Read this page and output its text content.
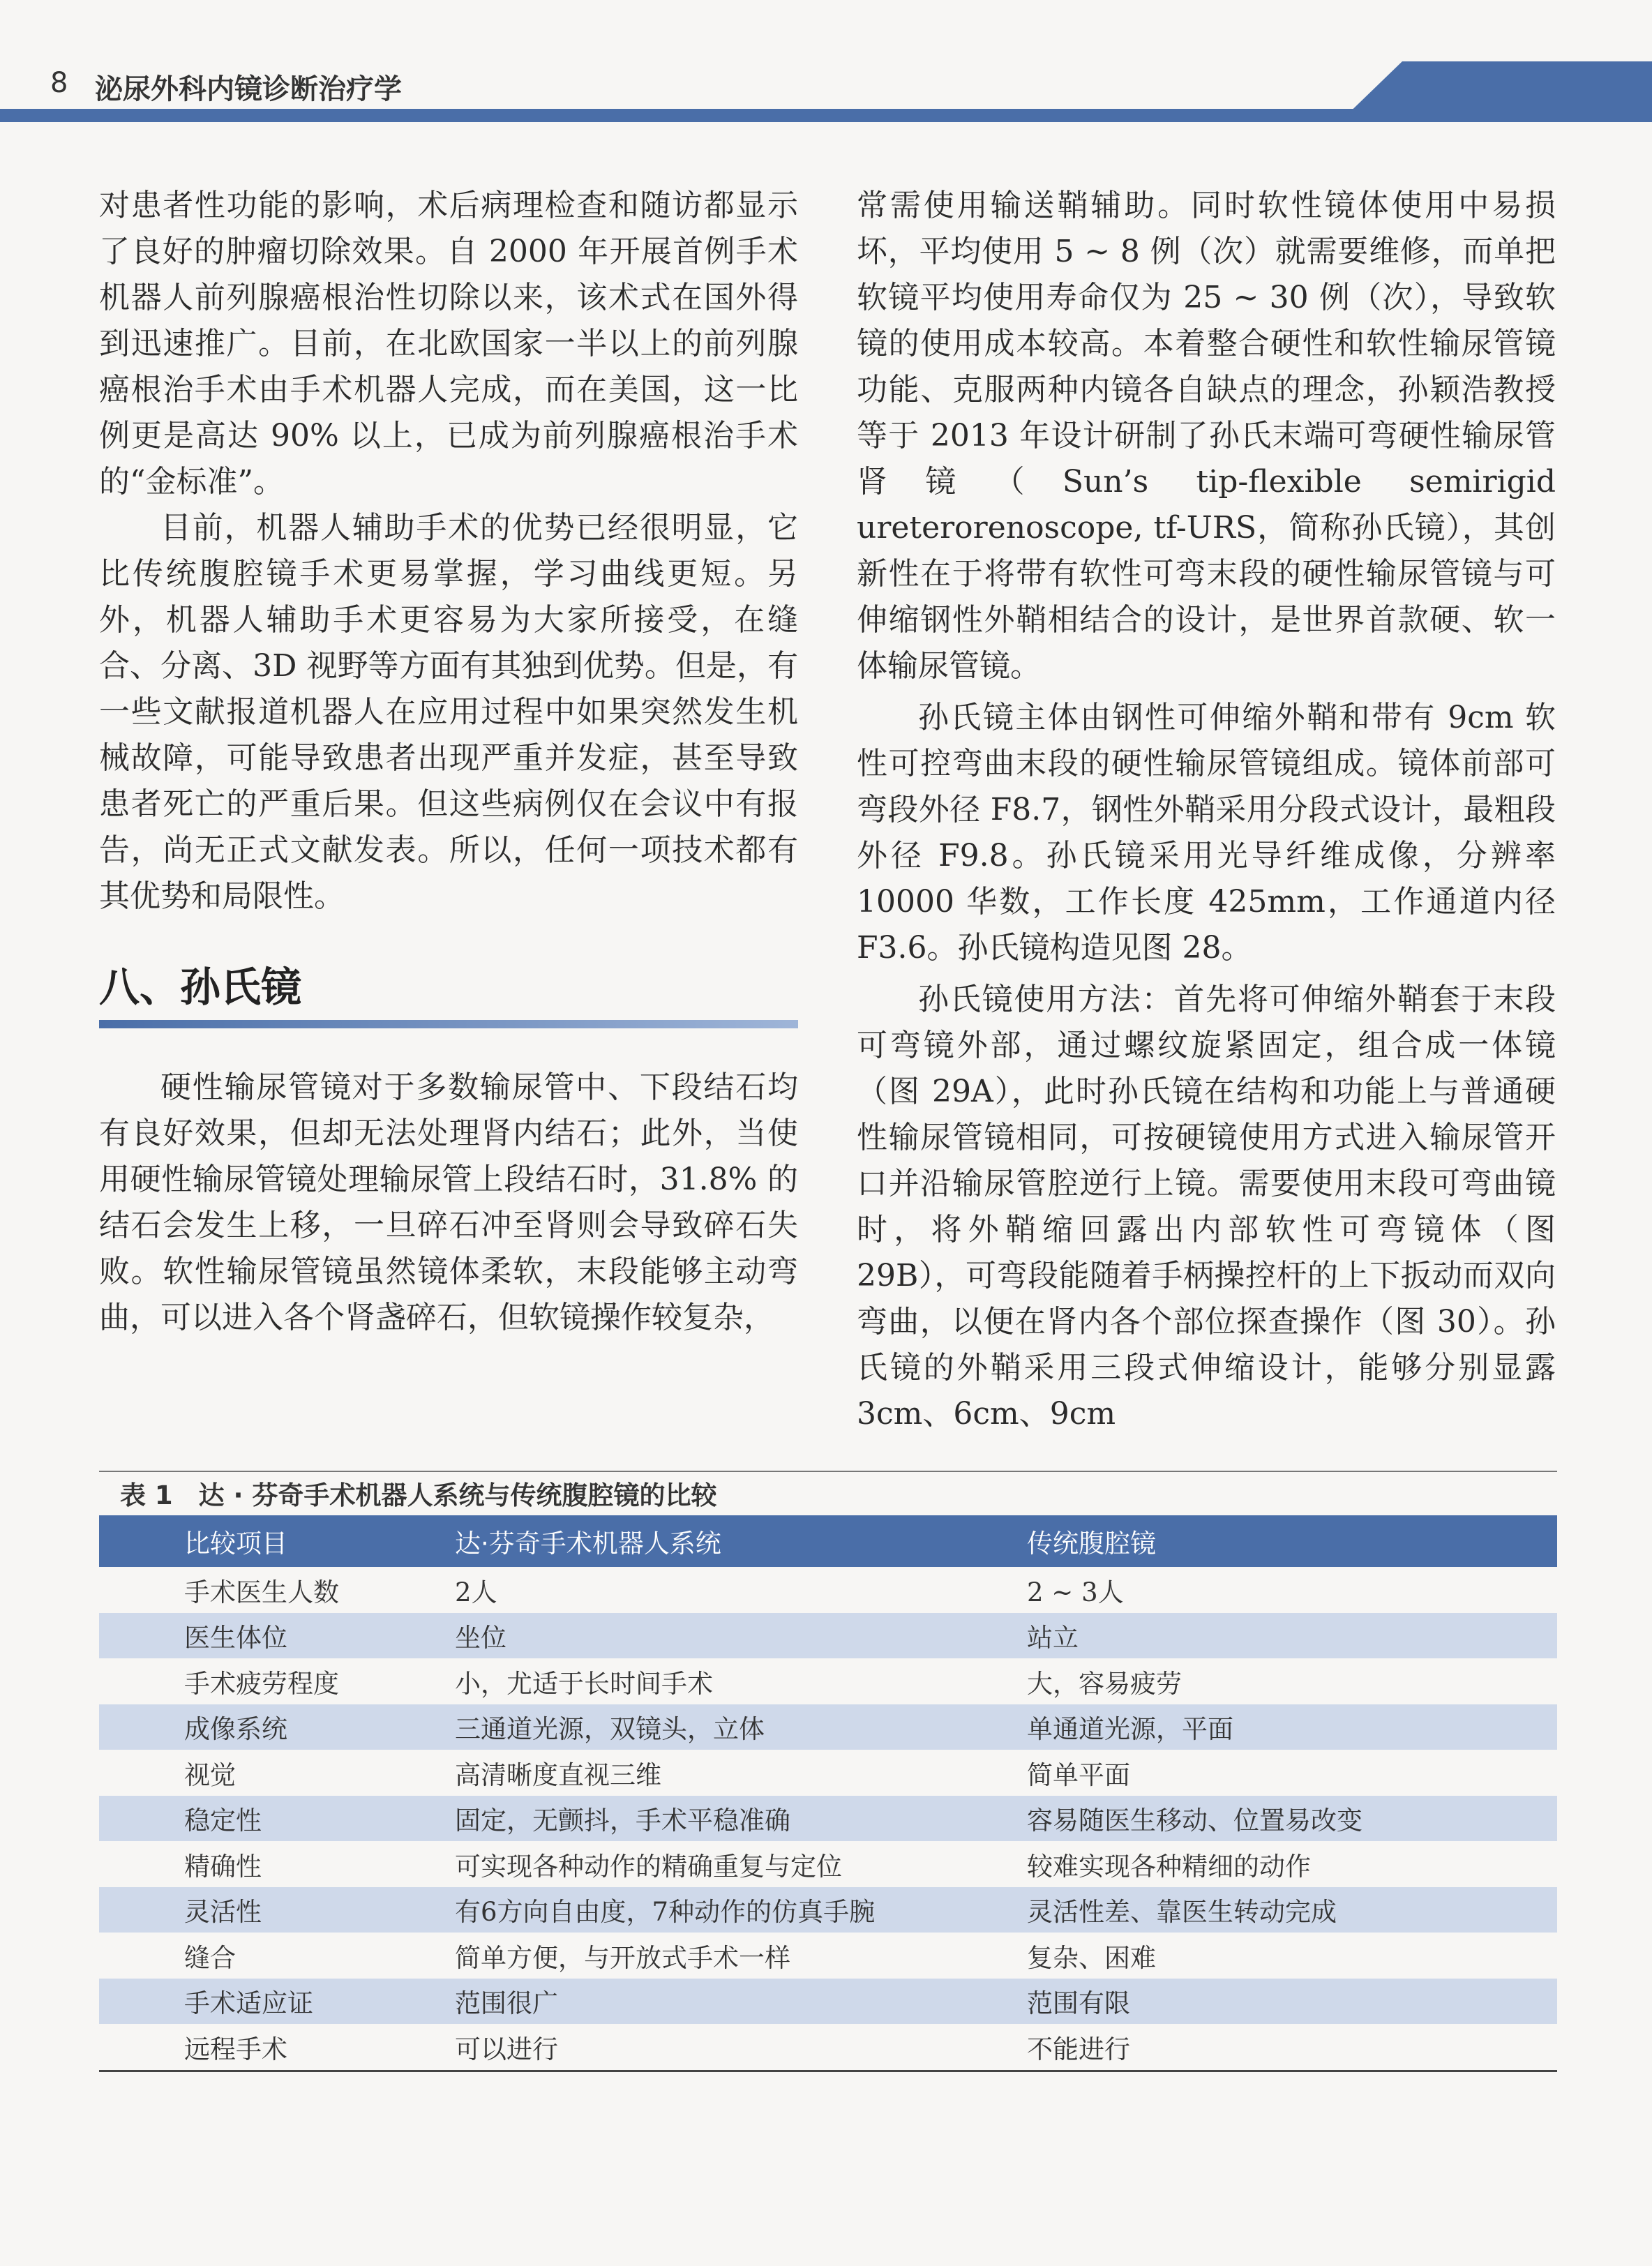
8 泌尿外科内镜诊断治疗学

对患者性功能的影响，术后病理检查和随访都显示了良好的肿瘤切除效果。自 2000 年开展首例手术机器人前列腺癌根治性切除以来，该术式在国外得到迅速推广。目前，在北欧国家一半以上的前列腺癌根治手术由手术机器人完成，而在美国，这一比例更是高达 90% 以上，已成为前列腺癌根治手术的“金标准”。

目前，机器人辅助手术的优势已经很明显，它比传统腹腔镜手术更易掌握，学习曲线更短。另外，机器人辅助手术更容易为大家所接受，在缝合、分离、3D 视野等方面有其独到优势。但是，有一些文献报道机器人在应用过程中如果突然发生机械故障，可能导致患者出现严重并发症，甚至导致患者死亡的严重后果。但这些病例仅在会议中有报告，尚无正式文献发表。所以，任何一项技术都有其优势和局限性。

八、孙氏镜

硬性输尿管镜对于多数输尿管中、下段结石均有良好效果，但却无法处理肾内结石；此外，当使用硬性输尿管镜处理输尿管上段结石时，31.8% 的结石会发生上移，一旦碎石冲至肾则会导致碎石失败。软性输尿管镜虽然镜体柔软，末段能够主动弯曲，可以进入各个肾盏碎石，但软镜操作较复杂，

常需使用输送鞘辅助。同时软性镜体使用中易损坏，平均使用 5 ~ 8 例（次）就需要维修，而单把软镜平均使用寿命仅为 25 ~ 30 例（次），导致软镜的使用成本较高。本着整合硬性和软性输尿管镜功能、克服两种内镜各自缺点的理念，孙颖浩教授等于 2013 年设计研制了孙氏末端可弯硬性输尿管肾镜（Sun’s tip-flexible semirigid ureterorenoscope, tf-URS，简称孙氏镜），其创新性在于将带有软性可弯末段的硬性输尿管镜与可伸缩钢性外鞘相结合的设计，是世界首款硬、软一体输尿管镜。

孙氏镜主体由钢性可伸缩外鞘和带有 9cm 软性可控弯曲末段的硬性输尿管镜组成。镜体前部可弯段外径 F8.7，钢性外鞘采用分段式设计，最粗段外径 F9.8。孙氏镜采用光导纤维成像，分辨率 10000 华数，工作长度 425mm，工作通道内径 F3.6。孙氏镜构造见图 28。

孙氏镜使用方法：首先将可伸缩外鞘套于末段可弯镜外部，通过螺纹旋紧固定，组合成一体镜（图 29A），此时孙氏镜在结构和功能上与普通硬性输尿管镜相同，可按硬镜使用方式进入输尿管开口并沿输尿管腔逆行上镜。需要使用末段可弯曲镜时，将外鞘缩回露出内部软性可弯镜体（图 29B），可弯段能随着手柄操控杆的上下扳动而双向弯曲，以便在肾内各个部位探查操作（图 30）。孙氏镜的外鞘采用三段式伸缩设计，能够分别显露 3cm、6cm、9cm

表 1　达 · 芬奇手术机器人系统与传统腹腔镜的比较
比较项目	达·芬奇手术机器人系统	传统腹腔镜
手术医生人数	2人	2 ~ 3人
医生体位	坐位	站立
手术疲劳程度	小，尤适于长时间手术	大，容易疲劳
成像系统	三通道光源，双镜头，立体	单通道光源，平面
视觉	高清晰度直视三维	简单平面
稳定性	固定，无颤抖，手术平稳准确	容易随医生移动、位置易改变
精确性	可实现各种动作的精确重复与定位	较难实现各种精细的动作
灵活性	有6方向自由度，7种动作的仿真手腕	灵活性差、靠医生转动完成
缝合	简单方便，与开放式手术一样	复杂、困难
手术适应证	范围很广	范围有限
远程手术	可以进行	不能进行
